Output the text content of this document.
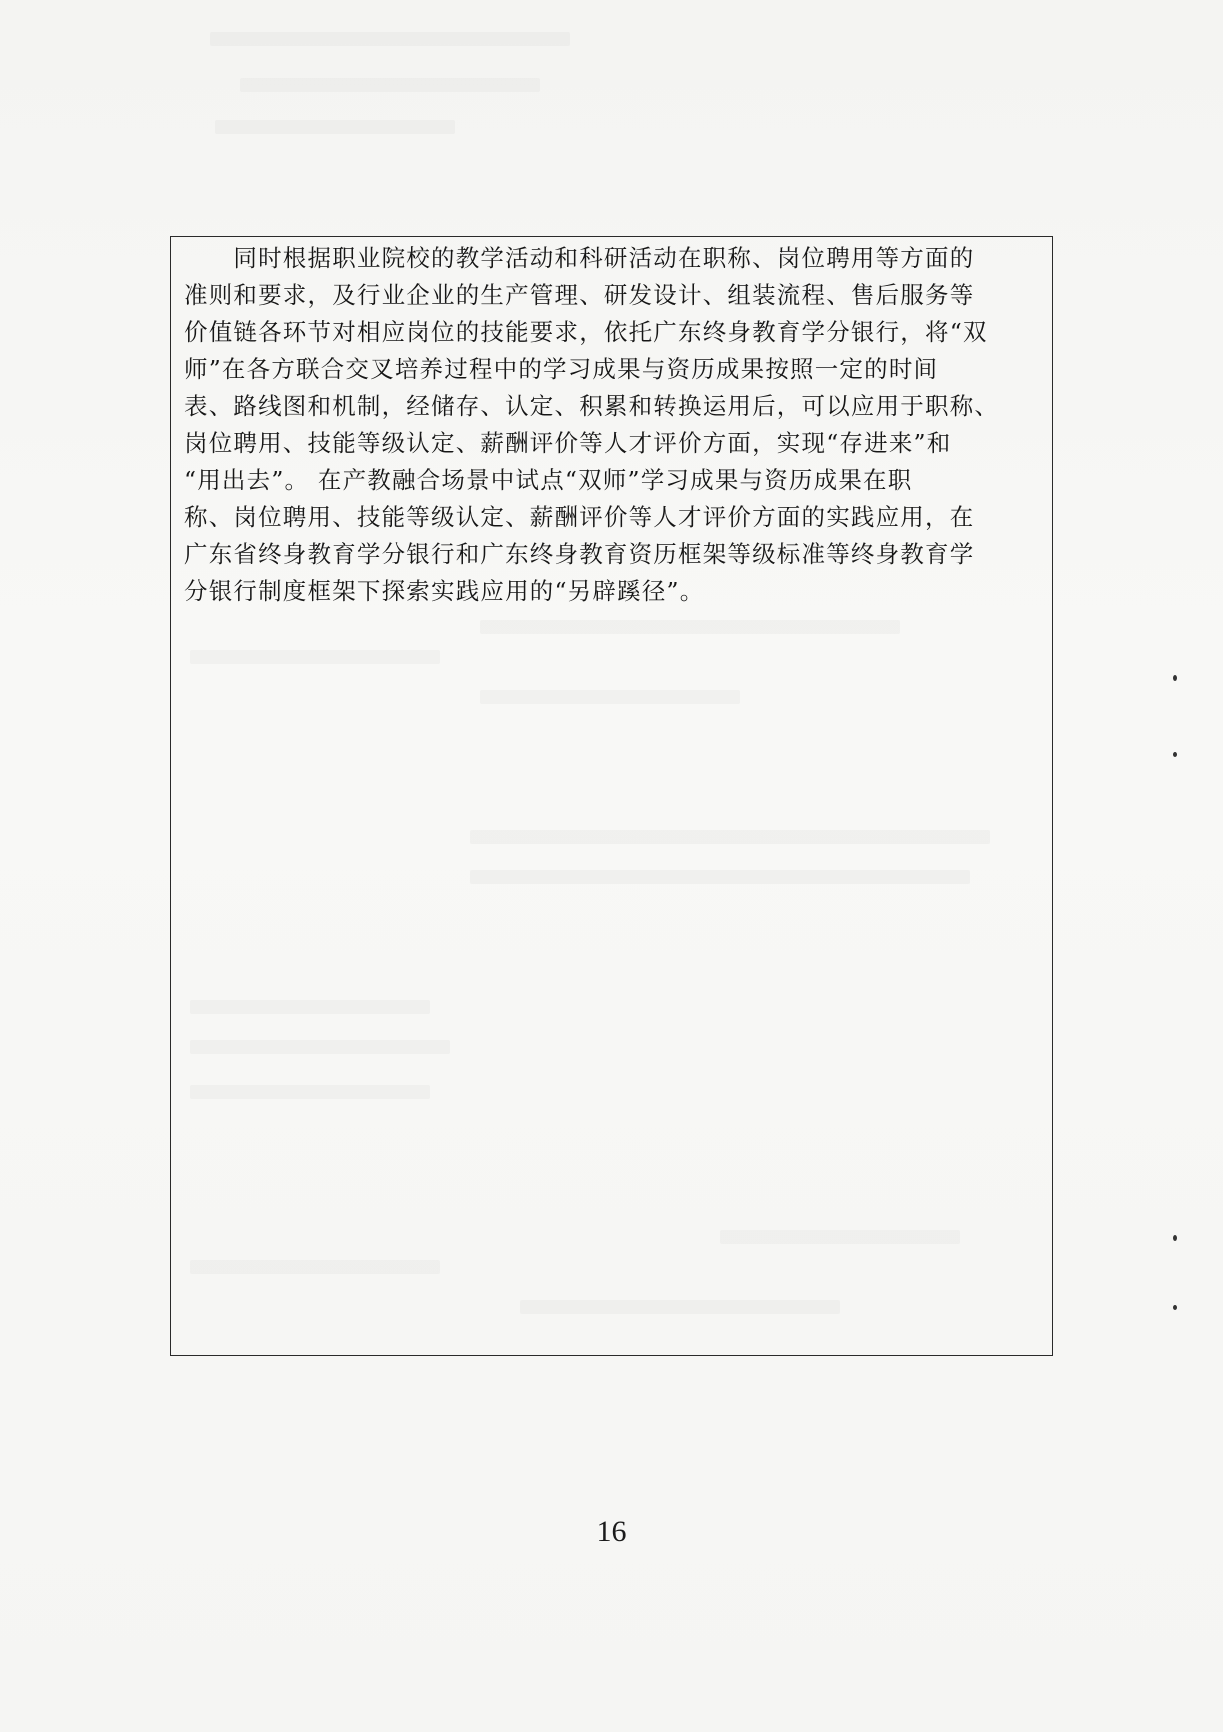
　　同时根据职业院校的教学活动和科研活动在职称、岗位聘用等方面的
准则和要求，及行业企业的生产管理、研发设计、组装流程、售后服务等
价值链各环节对相应岗位的技能要求，依托广东终身教育学分银行，将“双
师”在各方联合交叉培养过程中的学习成果与资历成果按照一定的时间
表、路线图和机制，经储存、认定、积累和转换运用后，可以应用于职称、
岗位聘用、技能等级认定、薪酬评价等人才评价方面，实现“存进来”和
“用出去”。 在产教融合场景中试点“双师”学习成果与资历成果在职
称、岗位聘用、技能等级认定、薪酬评价等人才评价方面的实践应用，在
广东省终身教育学分银行和广东终身教育资历框架等级标准等终身教育学
分银行制度框架下探索实践应用的“另辟蹊径”。
16
